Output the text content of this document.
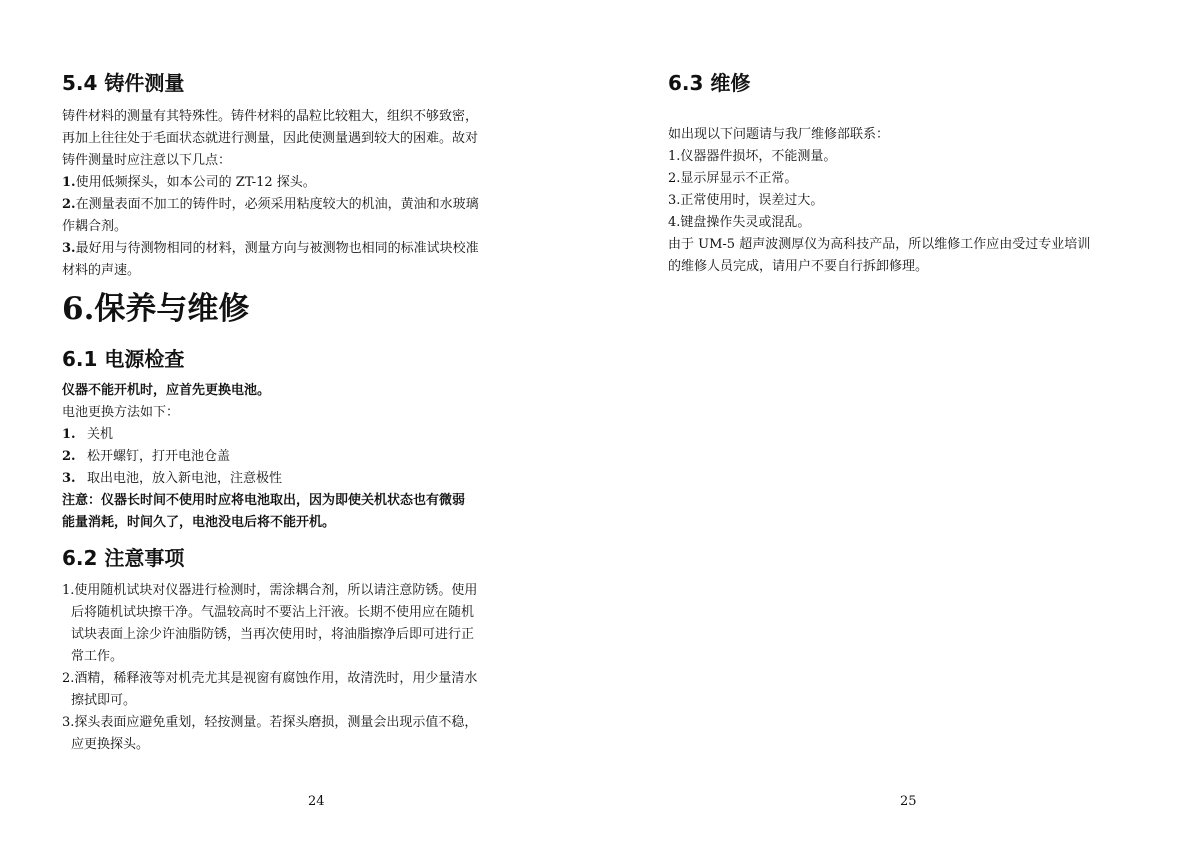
5.4 铸件测量
铸件材料的测量有其特殊性。铸件材料的晶粒比较粗大，组织不够致密，
再加上往往处于毛面状态就进行测量，因此使测量遇到较大的困难。故对
铸件测量时应注意以下几点：
1.使用低频探头，如本公司的 ZT-12 探头。
2.在测量表面不加工的铸件时，必须采用粘度较大的机油，黄油和水玻璃
作耦合剂。
3.最好用与待测物相同的材料，测量方向与被测物也相同的标准试块校准
材料的声速。
6.保养与维修
6.1 电源检查
仪器不能开机时，应首先更换电池。
电池更换方法如下：
1. 关机
2. 松开螺钉，打开电池仓盖
3. 取出电池，放入新电池，注意极性
注意：仪器长时间不使用时应将电池取出，因为即使关机状态也有微弱
能量消耗，时间久了，电池没电后将不能开机。
6.2 注意事项
1.使用随机试块对仪器进行检测时，需涂耦合剂，所以请注意防锈。使用
后将随机试块擦干净。气温较高时不要沾上汗液。长期不使用应在随机
试块表面上涂少许油脂防锈，当再次使用时，将油脂擦净后即可进行正
常工作。
2.酒精，稀释液等对机壳尤其是视窗有腐蚀作用，故清洗时，用少量清水
擦拭即可。
3.探头表面应避免重划，轻按测量。若探头磨损，测量会出现示值不稳，
应更换探头。
24
6.3 维修
如出现以下问题请与我厂维修部联系：
1.仪器器件损坏，不能测量。
2.显示屏显示不正常。
3.正常使用时，误差过大。
4.键盘操作失灵或混乱。
由于 UM-5 超声波测厚仪为高科技产品，所以维修工作应由受过专业培训
的维修人员完成，请用户不要自行拆卸修理。
25
